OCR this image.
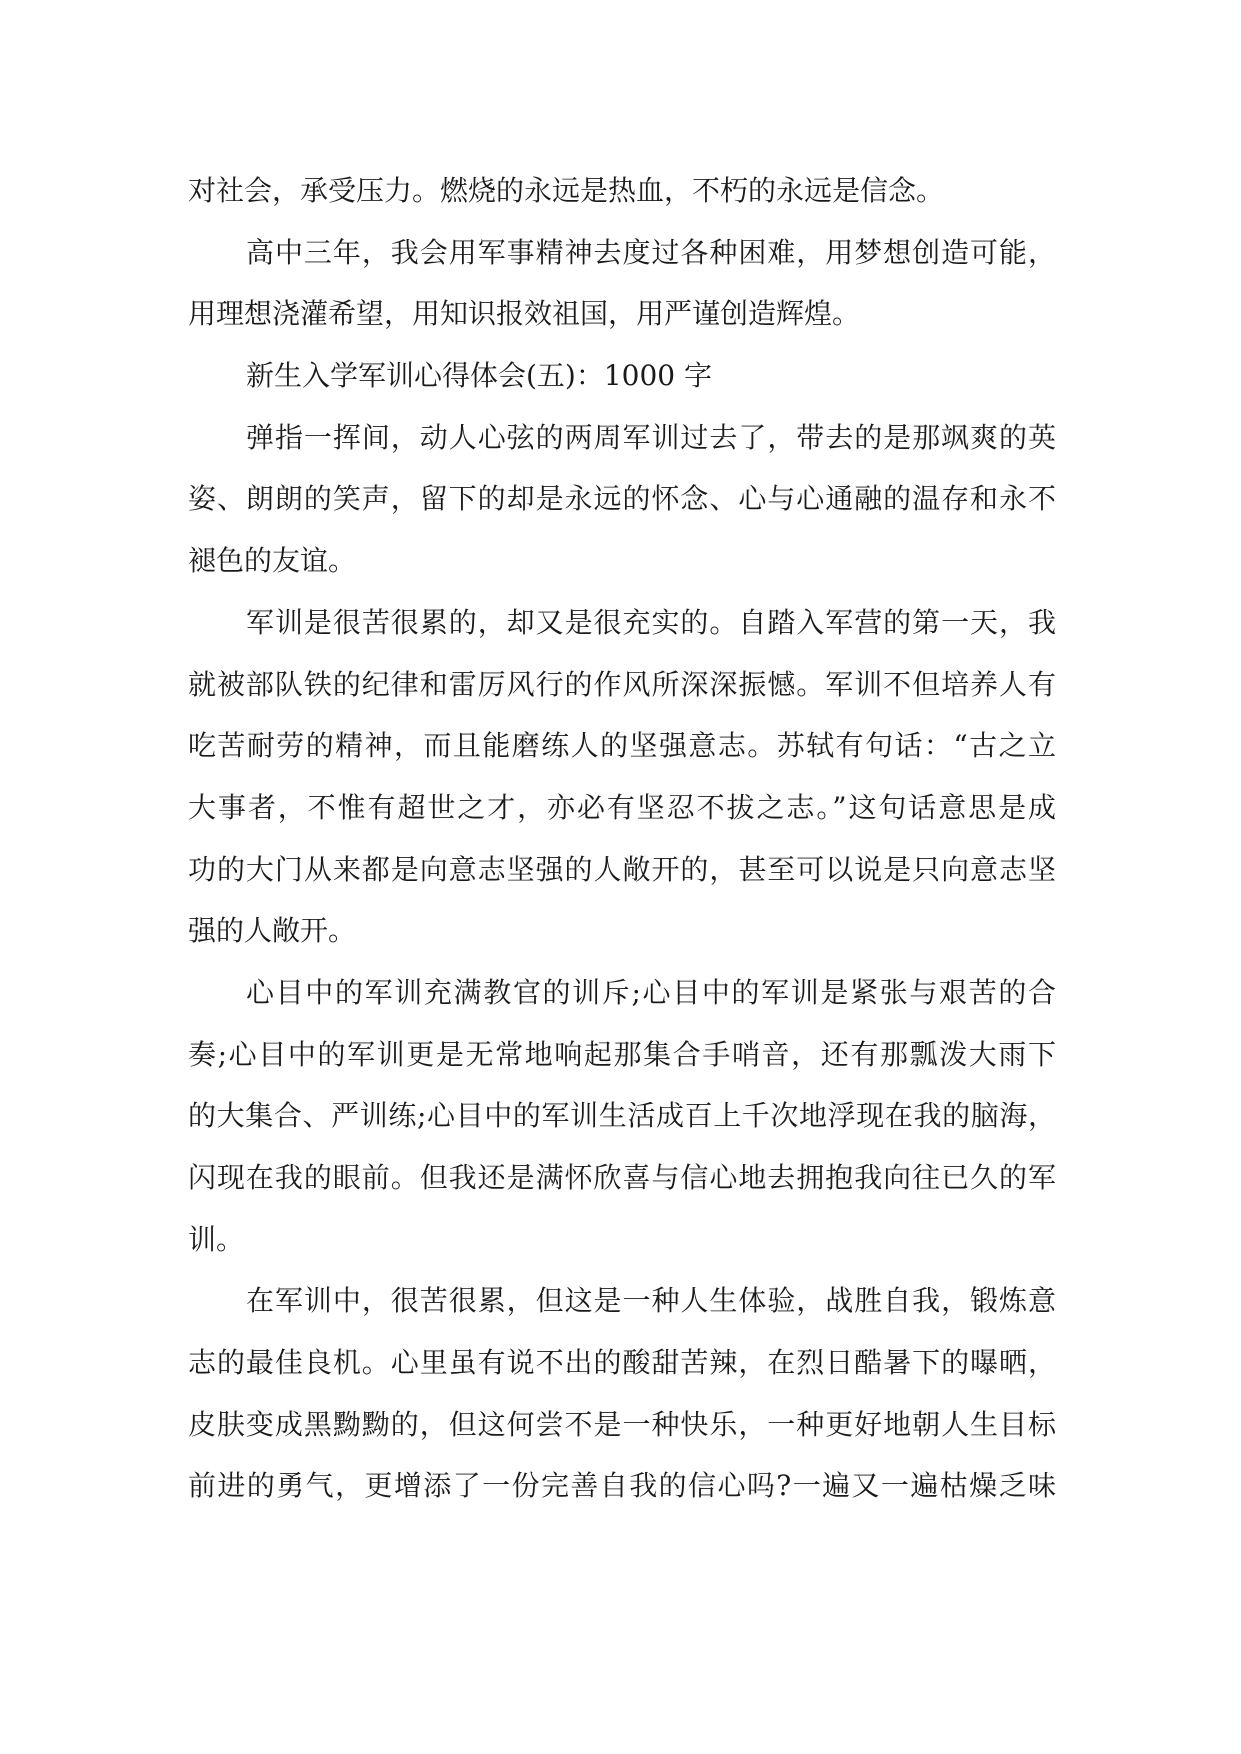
对社会，承受压力。燃烧的永远是热血，不朽的永远是信念。
高中三年，我会用军事精神去度过各种困难，用梦想创造可能，
用理想浇灌希望，用知识报效祖国，用严谨创造辉煌。
新生入学军训心得体会(五)：1000 字
弹指一挥间，动人心弦的两周军训过去了，带去的是那飒爽的英
姿、朗朗的笑声，留下的却是永远的怀念、心与心通融的温存和永不
褪色的友谊。
军训是很苦很累的，却又是很充实的。自踏入军营的第一天，我
就被部队铁的纪律和雷厉风行的作风所深深振憾。军训不但培养人有
吃苦耐劳的精神，而且能磨练人的坚强意志。苏轼有句话：“古之立
大事者，不惟有超世之才，亦必有坚忍不拔之志。”这句话意思是成
功的大门从来都是向意志坚强的人敞开的，甚至可以说是只向意志坚
强的人敞开。
心目中的军训充满教官的训斥;心目中的军训是紧张与艰苦的合
奏;心目中的军训更是无常地响起那集合手哨音，还有那瓢泼大雨下
的大集合、严训练;心目中的军训生活成百上千次地浮现在我的脑海，
闪现在我的眼前。但我还是满怀欣喜与信心地去拥抱我向往已久的军
训。
在军训中，很苦很累，但这是一种人生体验，战胜自我，锻炼意
志的最佳良机。心里虽有说不出的酸甜苦辣，在烈日酷暑下的曝晒，
皮肤变成黑黝黝的，但这何尝不是一种快乐，一种更好地朝人生目标
前进的勇气，更增添了一份完善自我的信心吗?一遍又一遍枯燥乏味
